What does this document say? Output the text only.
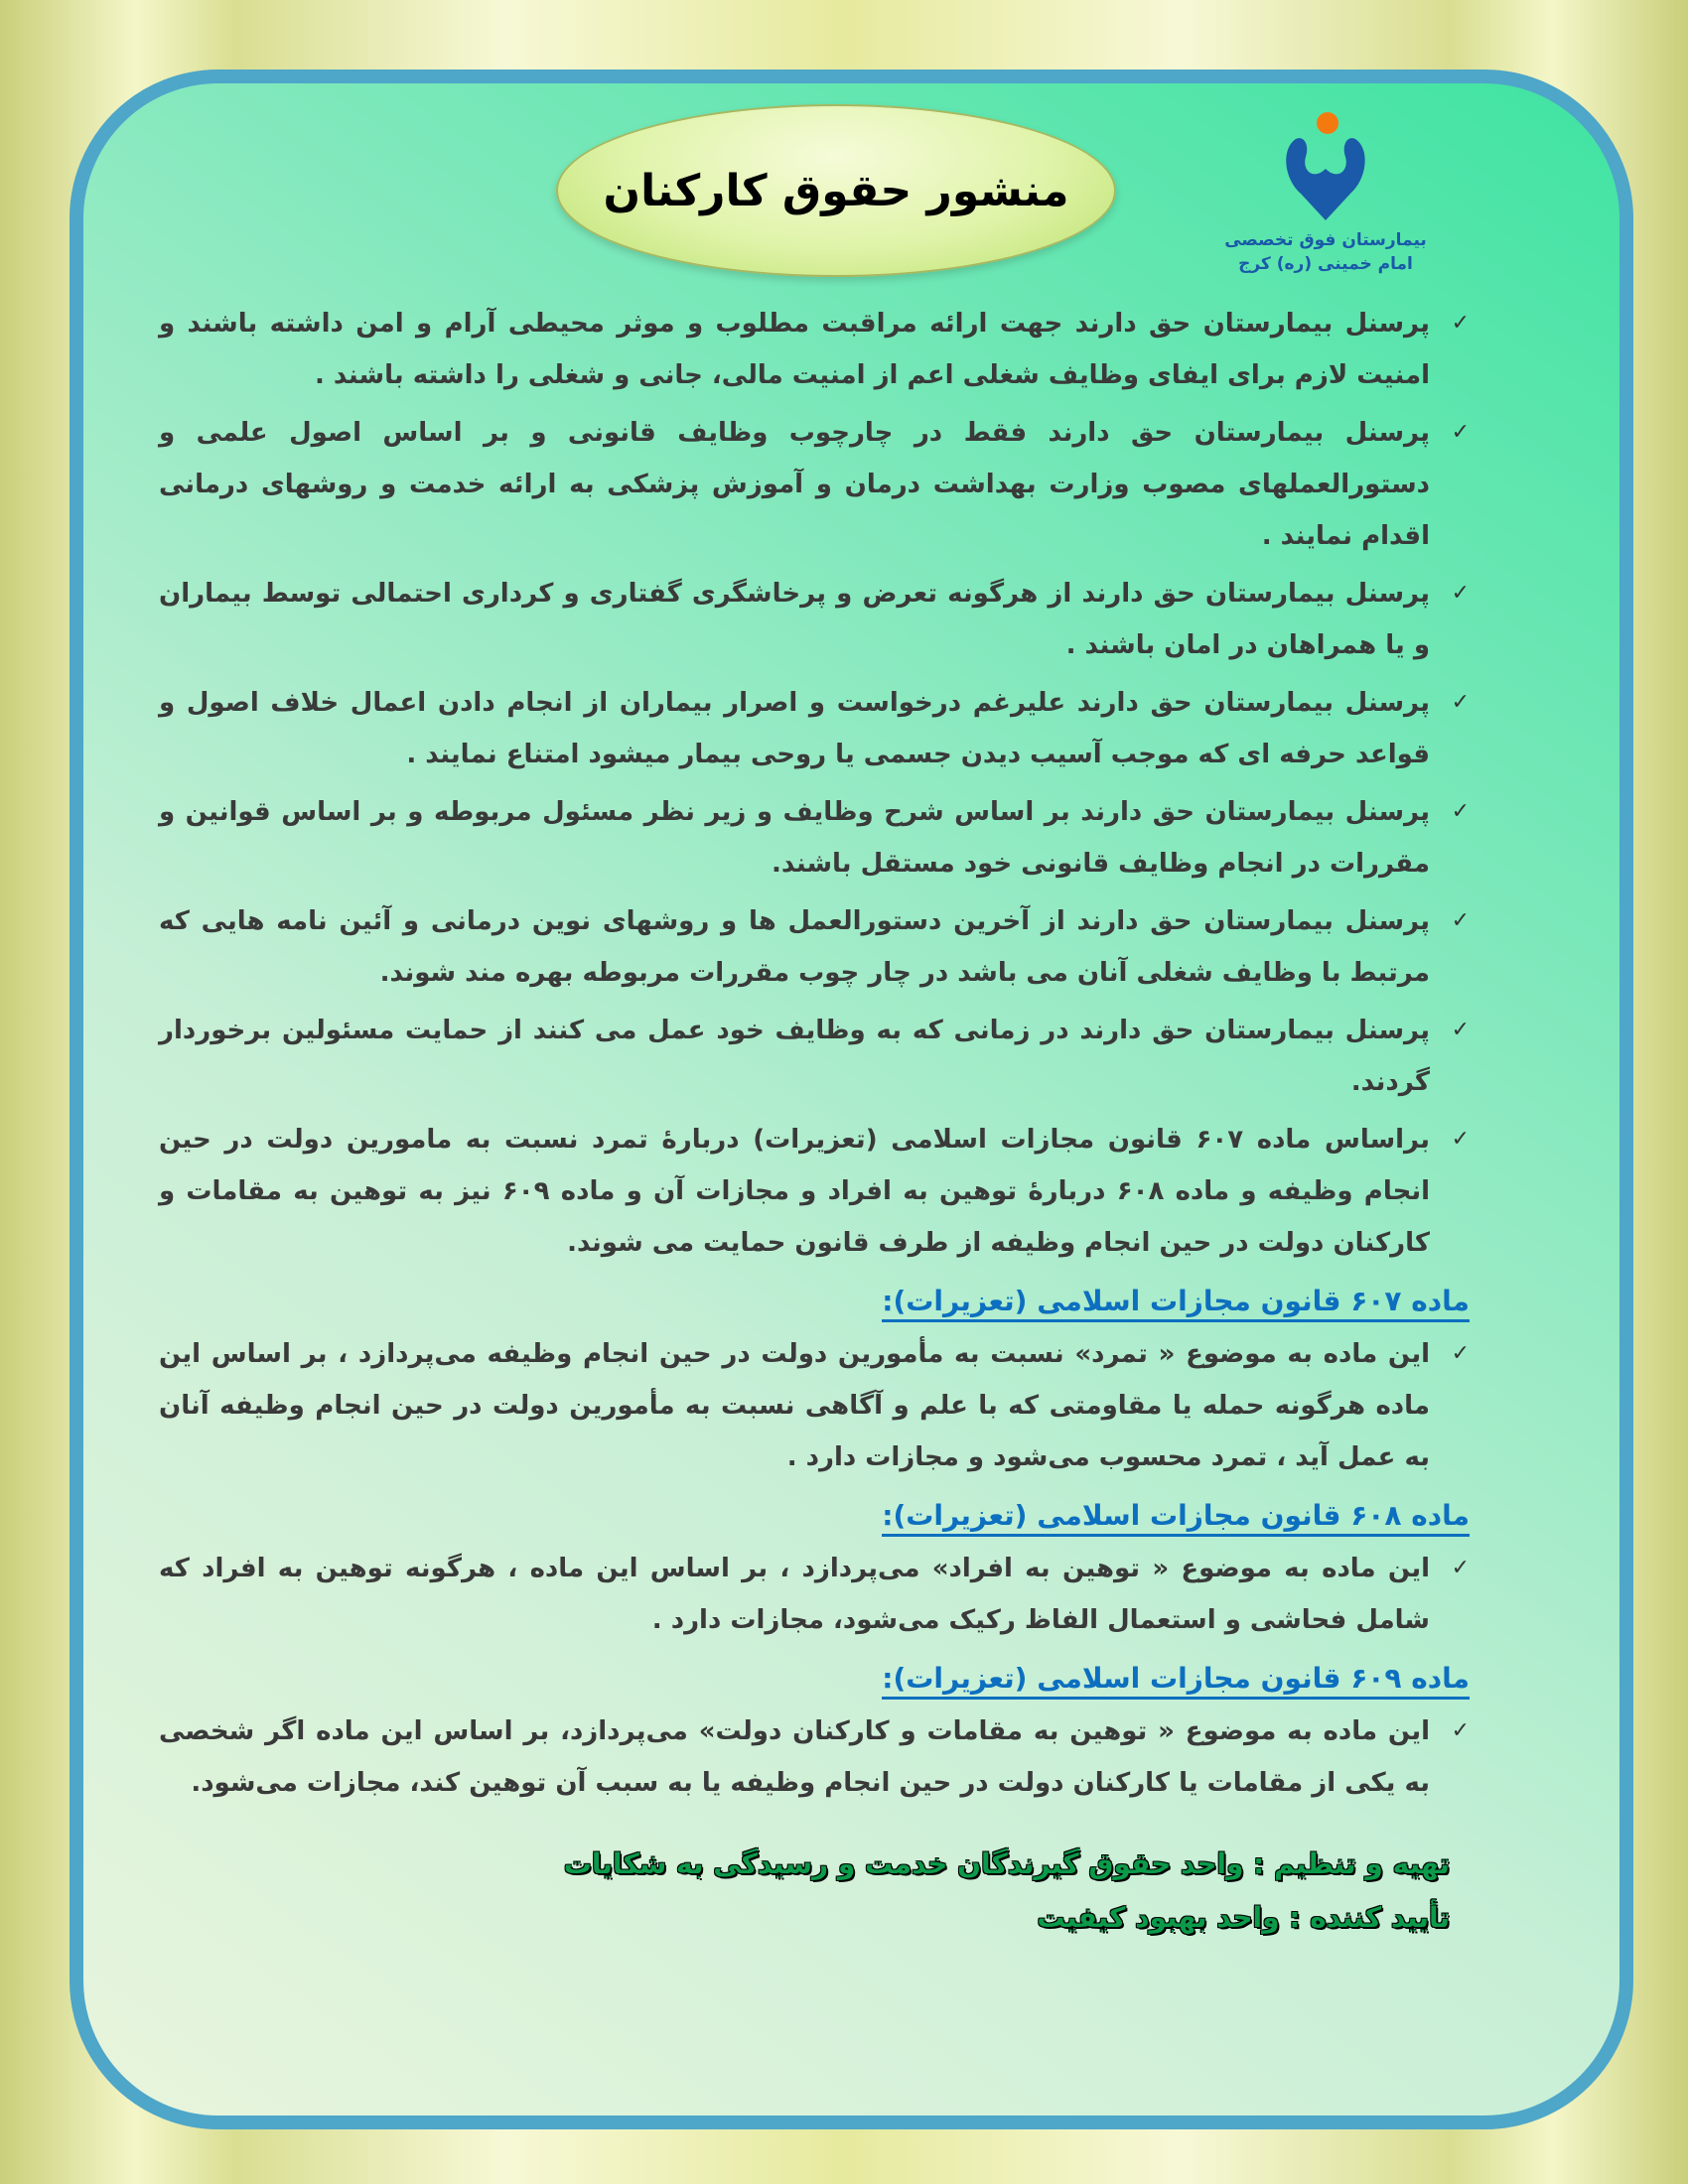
منشور حقوق کارکنان
بیمارستان فوق تخصصی
امام خمینی (ره) کرج
✓
پرسنل بیمارستان حق دارند جهت ارائه مراقبت مطلوب و موثر محیطی آرام و امن داشته باشند و امنیت لازم برای ایفای وظایف شغلی اعم از امنیت مالی، جانی و شغلی را داشته باشند .
✓
پرسنل بیمارستان حق دارند فقط در چارچوب وظایف قانونی و بر اساس اصول علمی و دستورالعملهای مصوب وزارت بهداشت درمان و آموزش پزشکی به ارائه خدمت و روشهای درمانی اقدام نمایند .
✓
پرسنل بیمارستان حق دارند از هرگونه تعرض و پرخاشگری گفتاری و کرداری احتمالی توسط بیماران و یا همراهان در امان باشند .
✓
پرسنل بیمارستان حق دارند علیرغم درخواست و اصرار بیماران از انجام دادن اعمال خلاف اصول و قواعد حرفه ای که موجب آسیب دیدن جسمی یا روحی بیمار میشود امتناع نمایند .
✓
پرسنل بیمارستان حق دارند بر اساس شرح وظایف و زیر نظر مسئول مربوطه و بر اساس قوانین و مقررات در انجام وظایف قانونی خود مستقل باشند.
✓
پرسنل بیمارستان حق دارند از آخرین دستورالعمل ها و روشهای نوین درمانی و آئین نامه هایی که مرتبط با وظایف شغلی آنان می باشد در چار چوب مقررات مربوطه بهره مند شوند.
✓
پرسنل بیمارستان حق دارند در زمانی که به وظایف خود عمل می کنند از حمایت مسئولین برخوردار گردند.
✓
براساس ماده ۶۰۷ قانون مجازات اسلامی (تعزیرات) دربارهٔ تمرد نسبت به مامورین دولت در حین انجام وظیفه و ماده ۶۰۸ دربارهٔ توهین به افراد و مجازات آن و ماده ۶۰۹ نیز به توهین به مقامات و کارکنان دولت در حین انجام وظیفه از طرف قانون حمایت می شوند.
ماده ۶۰۷ قانون مجازات اسلامی (تعزیرات):
✓
این ماده به موضوع « تمرد» نسبت به مأمورین دولت در حین انجام وظیفه می‌پردازد ، بر اساس این ماده هرگونه حمله یا مقاومتی که با علم و آگاهی نسبت به مأمورین دولت در حین انجام وظیفه آنان به عمل آید ، تمرد محسوب می‌شود و مجازات دارد .
ماده ۶۰۸ قانون مجازات اسلامی (تعزیرات):
✓
این ماده به موضوع « توهین به افراد» می‌پردازد ، بر اساس این ماده ، هرگونه توهین به افراد که شامل فحاشی و استعمال الفاظ رکیک می‌شود، مجازات دارد .
ماده ۶۰۹ قانون مجازات اسلامی (تعزیرات):
✓
این ماده به موضوع « توهین به مقامات و کارکنان دولت» می‌پردازد، بر اساس این ماده اگر شخصی به یکی از مقامات یا کارکنان دولت در حین انجام وظیفه یا به سبب آن توهین کند، مجازات می‌شود.
تهیه و تنظیم : واحد حقوق گیرندگان خدمت و رسیدگی به شکایات
تأیید کننده : واحد بهبود کیفیت
